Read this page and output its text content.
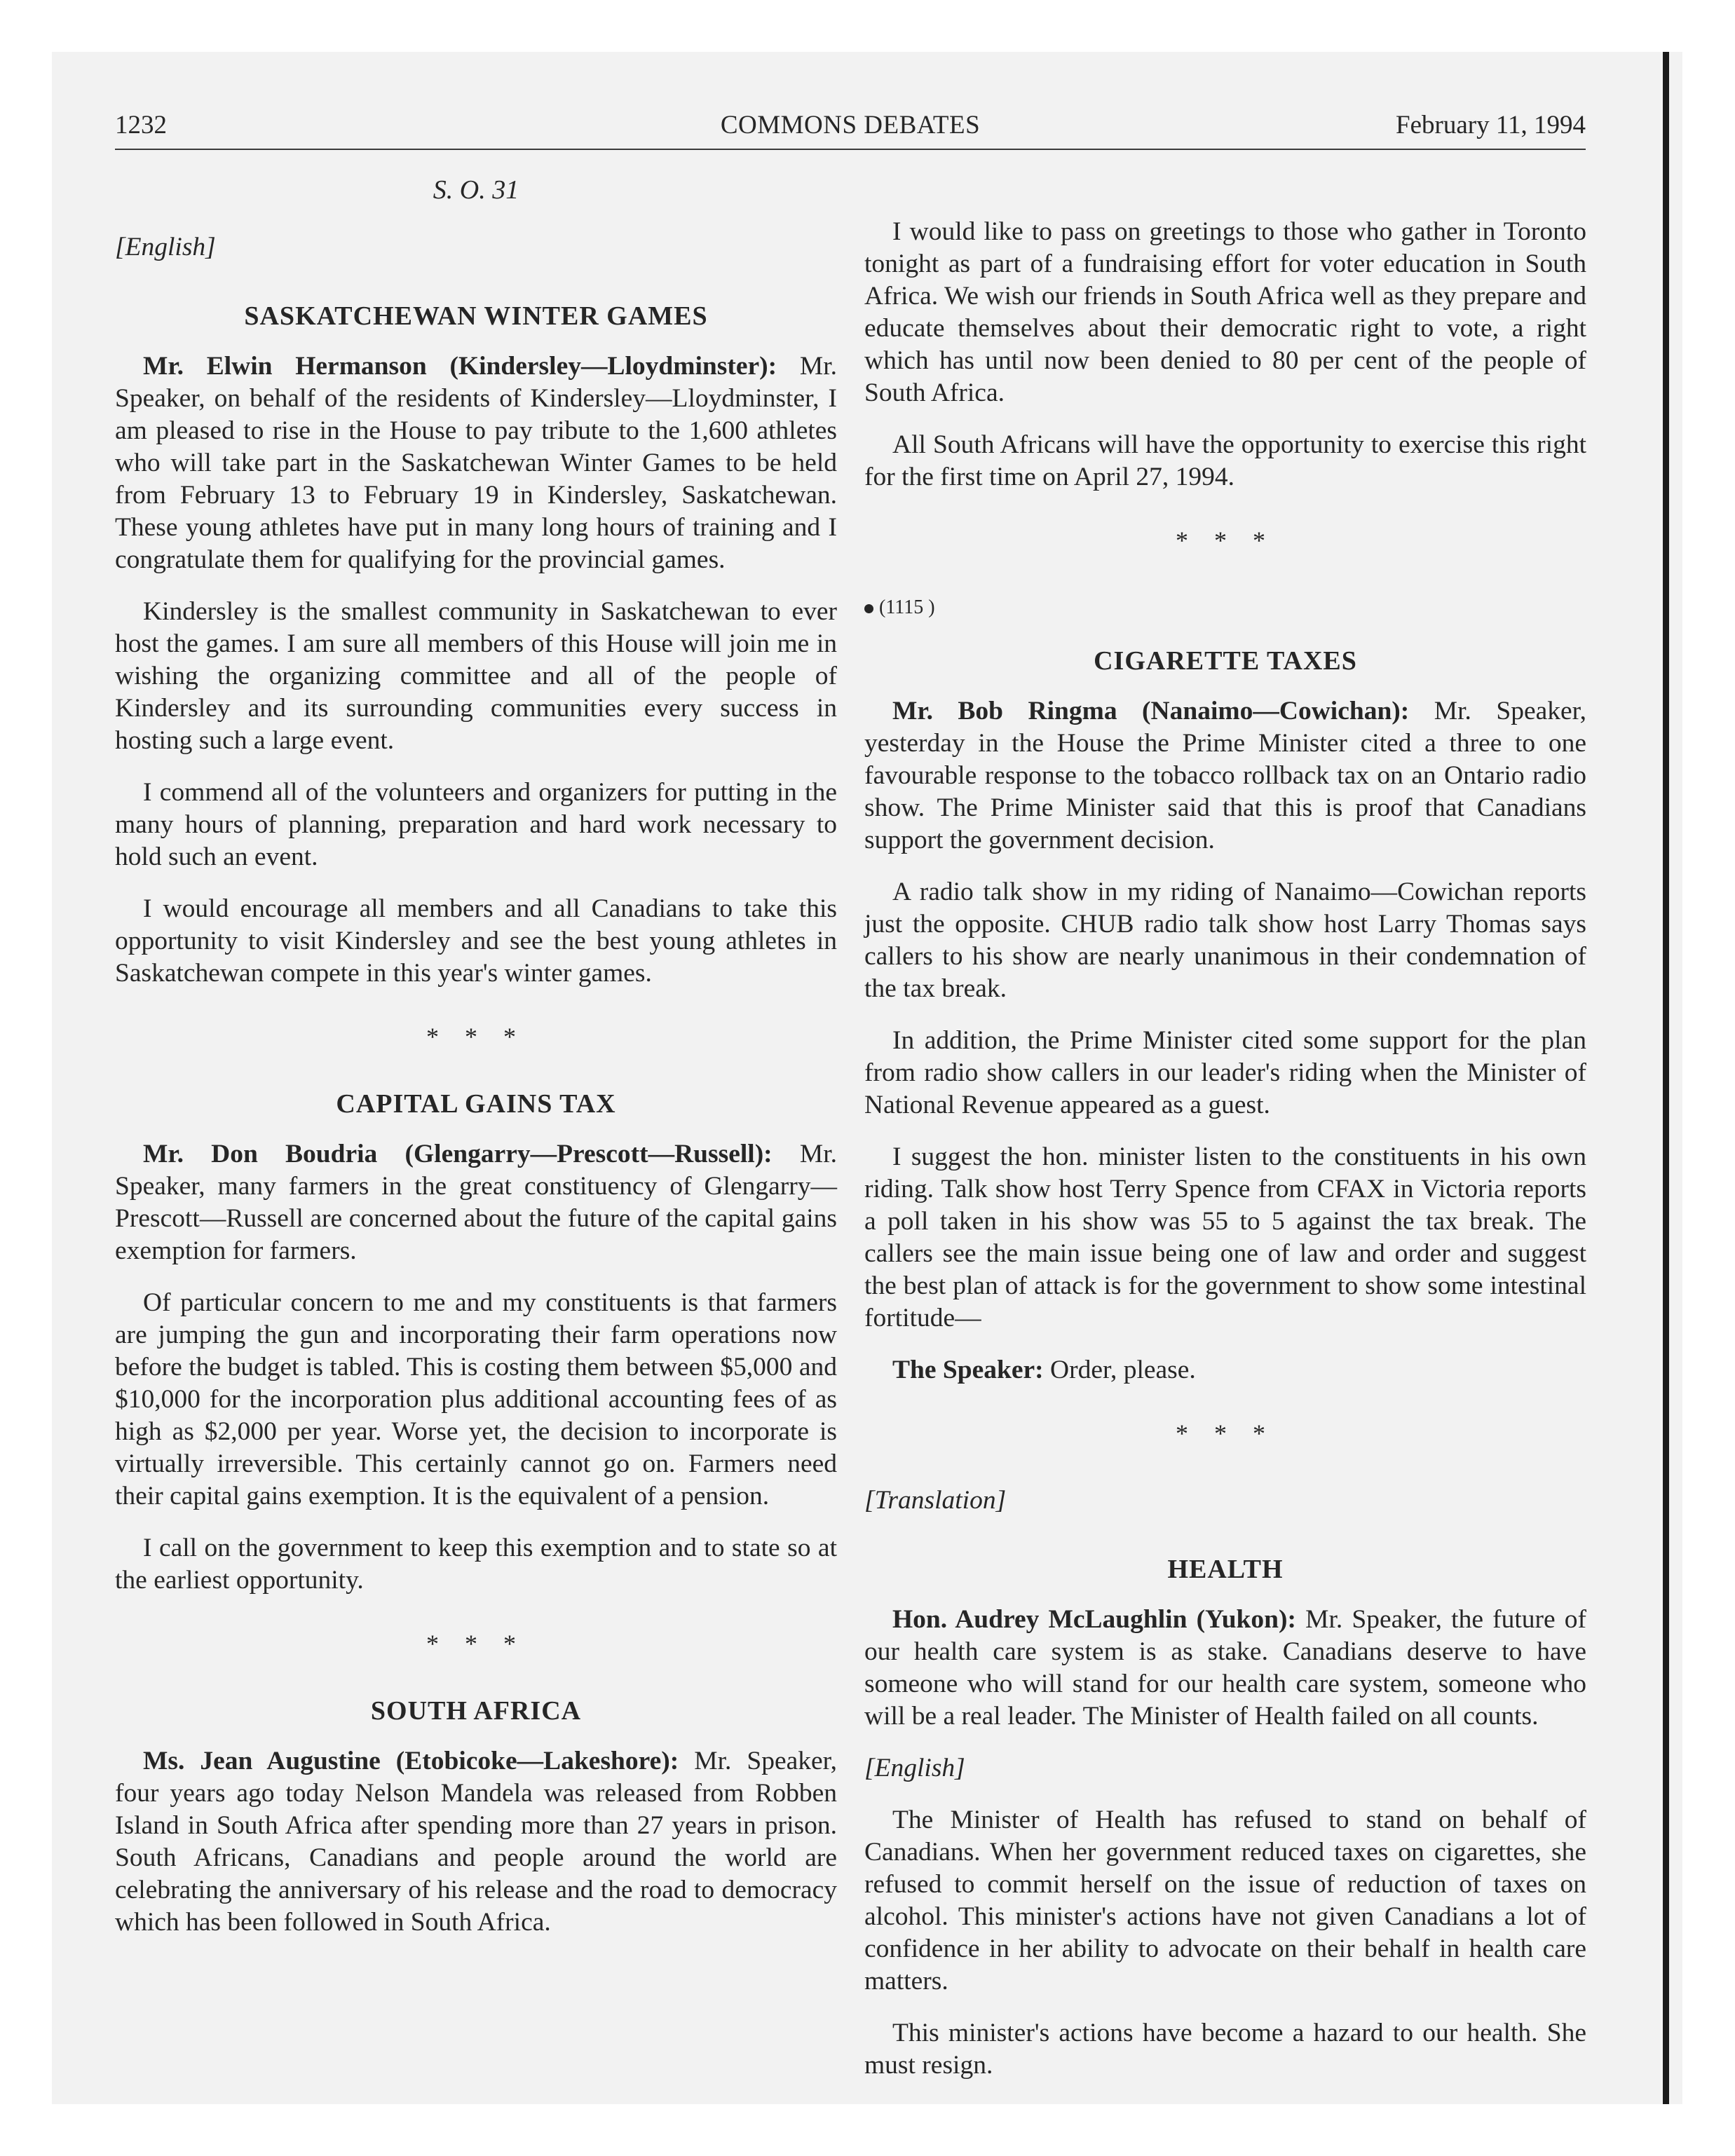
1232	COMMONS DEBATES	February 11, 1994
S. O. 31
[English]
SASKATCHEWAN WINTER GAMES

Mr. Elwin Hermanson (Kindersley—Lloydminster): Mr. Speaker, on behalf of the residents of Kindersley—Lloydminster, I am pleased to rise in the House to pay tribute to the 1,600 athletes who will take part in the Saskatchewan Winter Games to be held from February 13 to February 19 in Kindersley, Saskatchewan. These young athletes have put in many long hours of training and I congratulate them for qualifying for the provincial games.

Kindersley is the smallest community in Saskatchewan to ever host the games. I am sure all members of this House will join me in wishing the organizing committee and all of the people of Kindersley and its surrounding communities every success in hosting such a large event.

I commend all of the volunteers and organizers for putting in the many hours of planning, preparation and hard work necessary to hold such an event.

I would encourage all members and all Canadians to take this opportunity to visit Kindersley and see the best young athletes in Saskatchewan compete in this year's winter games.

* * *
CAPITAL GAINS TAX

Mr. Don Boudria (Glengarry—Prescott—Russell): Mr. Speaker, many farmers in the great constituency of Glengarry—Prescott—Russell are concerned about the future of the capital gains exemption for farmers.

Of particular concern to me and my constituents is that farmers are jumping the gun and incorporating their farm operations now before the budget is tabled. This is costing them between $5,000 and $10,000 for the incorporation plus additional accounting fees of as high as $2,000 per year. Worse yet, the decision to incorporate is virtually irreversible. This certainly cannot go on. Farmers need their capital gains exemption. It is the equivalent of a pension.

I call on the government to keep this exemption and to state so at the earliest opportunity.

* * *
SOUTH AFRICA

Ms. Jean Augustine (Etobicoke—Lakeshore): Mr. Speaker, four years ago today Nelson Mandela was released from Robben Island in South Africa after spending more than 27 years in prison. South Africans, Canadians and people around the world are celebrating the anniversary of his release and the road to democracy which has been followed in South Africa.

I would like to pass on greetings to those who gather in Toronto tonight as part of a fundraising effort for voter education in South Africa. We wish our friends in South Africa well as they prepare and educate themselves about their democratic right to vote, a right which has until now been denied to 80 per cent of the people of South Africa.

All South Africans will have the opportunity to exercise this right for the first time on April 27, 1994.

* * *
(1115 )
CIGARETTE TAXES

Mr. Bob Ringma (Nanaimo—Cowichan): Mr. Speaker, yesterday in the House the Prime Minister cited a three to one favourable response to the tobacco rollback tax on an Ontario radio show. The Prime Minister said that this is proof that Canadians support the government decision.

A radio talk show in my riding of Nanaimo—Cowichan reports just the opposite. CHUB radio talk show host Larry Thomas says callers to his show are nearly unanimous in their condemnation of the tax break.

In addition, the Prime Minister cited some support for the plan from radio show callers in our leader's riding when the Minister of National Revenue appeared as a guest.

I suggest the hon. minister listen to the constituents in his own riding. Talk show host Terry Spence from CFAX in Victoria reports a poll taken in his show was 55 to 5 against the tax break. The callers see the main issue being one of law and order and suggest the best plan of attack is for the government to show some intestinal fortitude—

The Speaker: Order, please.

* * *
[Translation]
HEALTH

Hon. Audrey McLaughlin (Yukon): Mr. Speaker, the future of our health care system is as stake. Canadians deserve to have someone who will stand for our health care system, someone who will be a real leader. The Minister of Health failed on all counts.

[English]

The Minister of Health has refused to stand on behalf of Canadians. When her government reduced taxes on cigarettes, she refused to commit herself on the issue of reduction of taxes on alcohol. This minister's actions have not given Canadians a lot of confidence in her ability to advocate on their behalf in health care matters.

This minister's actions have become a hazard to our health. She must resign.
